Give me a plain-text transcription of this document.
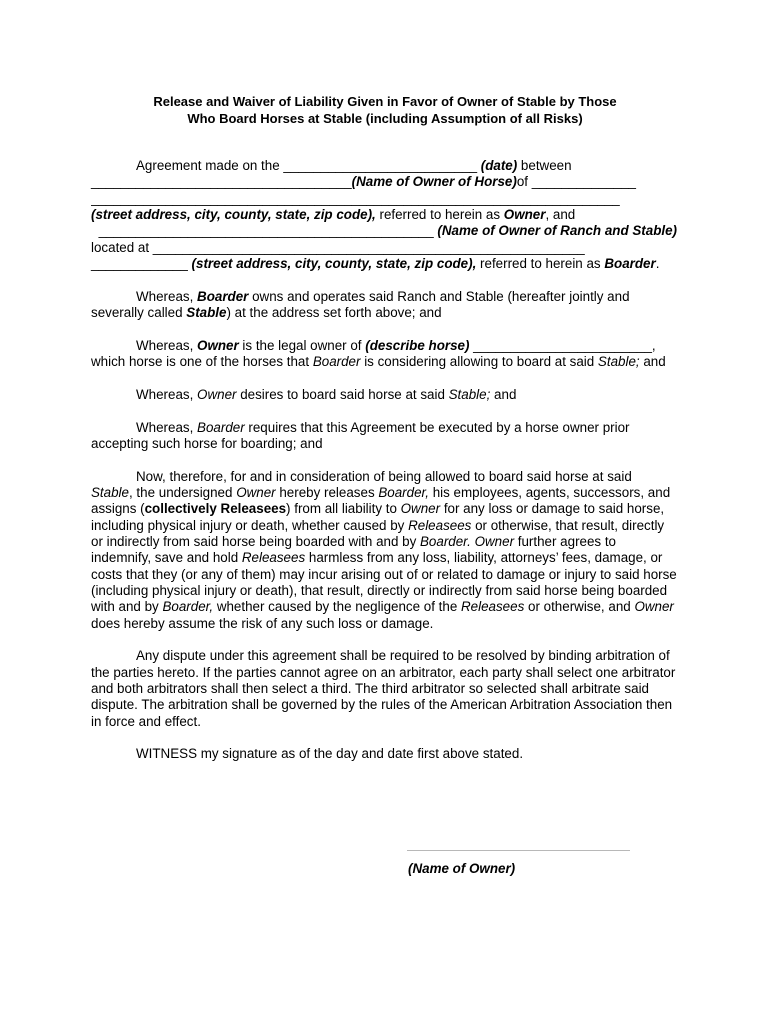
Release and Waiver of Liability Given in Favor of Owner of Stable by Those
Who Board Horses at Stable (including Assumption of all Risks)

Agreement made on the __________________________ (date) between
___________________________________ (Name of Owner of Horse) of ______________
_______________________________________________________________________
(street address, city, county, state, zip code), referred to herein as Owner, and
_____________________________________________ (Name of Owner of Ranch and Stable)
located at __________________________________________________________
_____________ (street address, city, county, state, zip code), referred to herein as Boarder.

Whereas, Boarder owns and operates said Ranch and Stable (hereafter jointly and severally called Stable) at the address set forth above; and

Whereas, Owner is the legal owner of (describe horse) ________________________, which horse is one of the horses that Boarder is considering allowing to board at said Stable; and

Whereas, Owner desires to board said horse at said Stable; and

Whereas, Boarder requires that this Agreement be executed by a horse owner prior accepting such horse for boarding; and

Now, therefore, for and in consideration of being allowed to board said horse at said Stable, the undersigned Owner hereby releases Boarder, his employees, agents, successors, and assigns (collectively Releasees) from all liability to Owner for any loss or damage to said horse, including physical injury or death, whether caused by Releasees or otherwise, that result, directly or indirectly from said horse being boarded with and by Boarder. Owner further agrees to indemnify, save and hold Releasees harmless from any loss, liability, attorneys’ fees, damage, or costs that they (or any of them) may incur arising out of or related to damage or injury to said horse (including physical injury or death), that result, directly or indirectly from said horse being boarded with and by Boarder, whether caused by the negligence of the Releasees or otherwise, and Owner does hereby assume the risk of any such loss or damage.

Any dispute under this agreement shall be required to be resolved by binding arbitration of the parties hereto. If the parties cannot agree on an arbitrator, each party shall select one arbitrator and both arbitrators shall then select a third. The third arbitrator so selected shall arbitrate said dispute. The arbitration shall be governed by the rules of the American Arbitration Association then in force and effect.

WITNESS my signature as of the day and date first above stated.

(Name of Owner)
